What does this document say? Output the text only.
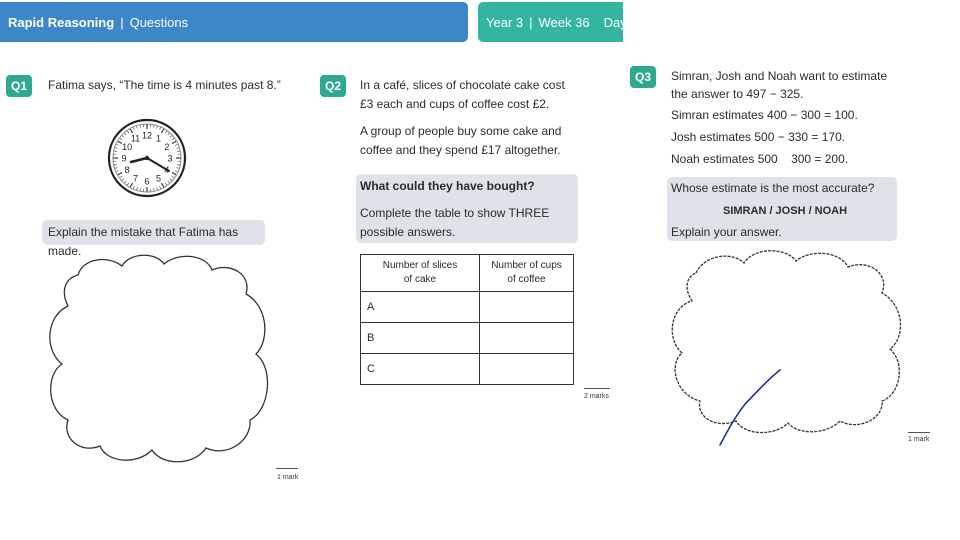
Rapid Reasoning | Questions	Year 3 | Week 36 Day 1
Q1	Fatima says, “The time is 4 minutes past 8.”
12 1
2
3
5
6
7
8
9
10
11
Explain the mistake that Fatima has made.
1 mark
Q2	In a café, slices of chocolate cake cost
£3 each and cups of coffee cost £2.
A group of people buy some cake and
coffee and they spend £17 altogether.
What could they have bought?
Complete the table to show THREE
possible answers.
Number of slices
of cake	Number of cups
of coffee
A	
B	
C	
2 marks
Q3	Simran, Josh and Noah want to estimate
the answer to 497 − 325.
Simran estimates 400 − 300 = 100.
Josh estimates 500 − 330 = 170.
Noah estimates 500    300 = 200.
Whose estimate is the most accurate?
SIMRAN / JOSH / NOAH
Explain your answer.
1 mark
